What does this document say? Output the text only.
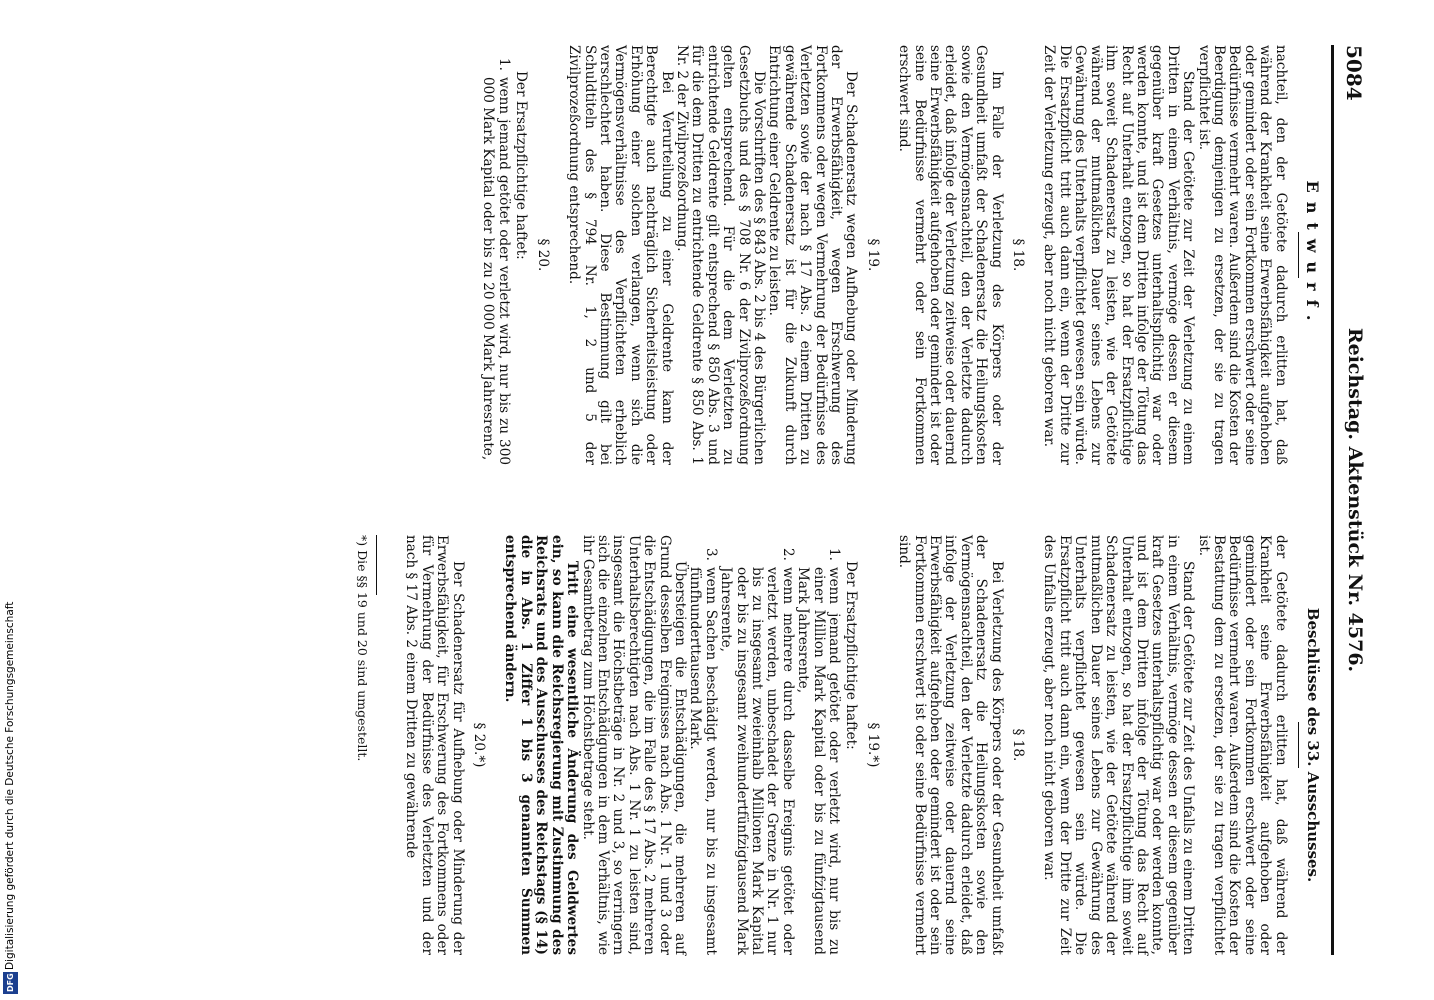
Digitalisierung gefördert durch die Deutsche Forschungsgemeinschaft
DFG
5084
Reichstag. Aktenstück Nr. 4576.
Entwurf.

nachteil, den der Getötete dadurch erlitten hat, daß während der Krankheit seine Erwerbsfähigkeit aufgehoben oder gemindert oder sein Fortkommen erschwert oder seine Bedürfnisse vermehrt waren. Außerdem sind die Kosten der Beerdigung demjenigen zu ersetzen, der sie zu tragen verpflichtet ist.

Stand der Getötete zur Zeit der Verletzung zu einem Dritten in einem Verhältnis, vermöge dessen er diesem gegenüber kraft Gesetzes unterhaltspflichtig war oder werden konnte, und ist dem Dritten infolge der Tötung das Recht auf Unterhalt entzogen, so hat der Ersatzpflichtige ihm soweit Schadenersatz zu leisten, wie der Getötete während der mutmaßlichen Dauer seines Lebens zur Gewährung des Unterhalts verpflichtet gewesen sein würde. Die Ersatzpflicht tritt auch dann ein, wenn der Dritte zur Zeit der Verletzung erzeugt, aber noch nicht geboren war.

§ 18.

Im Falle der Verletzung des Körpers oder der Gesundheit umfaßt der Schadenersatz die Heilungskosten sowie den Vermögensnachteil, den der Verletzte dadurch erleidet, daß infolge der Verletzung zeitweise oder dauernd seine Erwerbsfähigkeit aufgehoben oder gemindert ist oder seine Bedürfnisse vermehrt oder sein Fortkommen erschwert sind.

§ 19.

Der Schadenersatz wegen Aufhebung oder Minderung der Erwerbsfähigkeit, wegen Erschwerung des Fortkommens oder wegen Vermehrung der Bedürfnisse des Verletzten sowie der nach § 17 Abs. 2 einem Dritten zu gewährende Schadenersatz ist für die Zukunft durch Entrichtung einer Geldrente zu leisten.

Die Vorschriften des § 843 Abs. 2 bis 4 des Bürgerlichen Gesetzbuchs und des § 708 Nr. 6 der Zivilprozeßordnung gelten entsprechend. Für die dem Verletzten zu entrichtende Geldrente gilt entsprechend § 850 Abs. 3 und für die dem Dritten zu entrichtende Geldrente § 850 Abs. 1 Nr. 2 der Zivilprozeßordnung.

Bei Verurteilung zu einer Geldrente kann der Berechtigte auch nachträglich Sicherheitsleistung oder Erhöhung einer solchen verlangen, wenn sich die Vermögensverhältnisse des Verpflichteten erheblich verschlechtert haben. Diese Bestimmung gilt bei Schuldtiteln des § 794 Nr. 1, 2 und 5 der Zivilprozeßordnung entsprechend.

§ 20.

Der Ersatzpflichtige haftet:

1.
wenn jemand getötet oder verletzt wird, nur bis zu 300 000 Mark Kapital oder bis zu 20 000 Mark Jahresrente,
Beschlüsse des 33. Ausschusses.

der Getötete dadurch erlitten hat, daß während der Krankheit seine Erwerbsfähigkeit aufgehoben oder gemindert oder sein Fortkommen erschwert oder seine Bedürfnisse vermehrt waren. Außerdem sind die Kosten der Bestattung dem zu ersetzen, der sie zu tragen verpflichtet ist.

Stand der Getötete zur Zeit des Unfalls zu einem Dritten in einem Verhältnis, vermöge dessen er diesem gegenüber kraft Gesetzes unterhaltspflichtig war oder werden konnte, und ist dem Dritten infolge der Tötung das Recht auf Unterhalt entzogen, so hat der Ersatzpflichtige ihm soweit Schadenersatz zu leisten, wie der Getötete während der mutmaßlichen Dauer seines Lebens zur Gewährung des Unterhalts verpflichtet gewesen sein würde. Die Ersatzpflicht tritt auch dann ein, wenn der Dritte zur Zeit des Unfalls erzeugt, aber noch nicht geboren war.

§ 18.

Bei Verletzung des Körpers oder der Gesundheit umfaßt der Schadenersatz die Heilungskosten sowie den Vermögensnachteil, den der Verletzte dadurch erleidet, daß infolge der Verletzung zeitweise oder dauernd seine Erwerbsfähigkeit aufgehoben oder gemindert ist oder sein Fortkommen erschwert ist oder seine Bedürfnisse vermehrt sind.

§ 19.*)

Der Ersatzpflichtige haftet:

1.
wenn jemand getötet oder verletzt wird, nur bis zu einer Million Mark Kapital oder bis zu fünfzigtausend Mark Jahresrente,
2.
wenn mehrere durch dasselbe Ereignis getötet oder verletzt werden, unbeschadet der Grenze in Nr. 1 nur bis zu insgesamt zweieinhalb Millionen Mark Kapital oder bis zu insgesamt zweihundertfünfzigtausend Mark Jahresrente,
3.
wenn Sachen beschädigt werden, nur bis zu insgesamt fünfhunderttausend Mark.

Übersteigen die Entschädigungen, die mehreren auf Grund desselben Ereignisses nach Abs. 1 Nr. 1 und 3 oder die Entschädigungen, die im Falle des § 17 Abs. 2 mehreren Unterhaltsberechtigten nach Abs. 1 Nr. 1 zu leisten sind, insgesamt die Höchstbeträge in Nr. 2 und 3, so verringern sich die einzelnen Entschädigungen in dem Verhältnis, wie ihr Gesamtbetrag zum Höchstbetrage steht.

Tritt eine wesentliche Änderung des Geldwertes ein, so kann die Reichsregierung mit Zustimmung des Reichsrats und des Ausschusses des Reichstags (§ 14) die in Abs. 1 Ziffer 1 bis 3 genannten Summen entsprechend ändern.

§ 20.*)

Der Schadenersatz für Aufhebung oder Minderung der Erwerbsfähigkeit, für Erschwerung des Fortkommens oder für Vermehrung der Bedürfnisse des Verletzten und der nach § 17 Abs. 2 einem Dritten zu gewährende

*) Die §§ 19 und 20 sind umgestellt.
